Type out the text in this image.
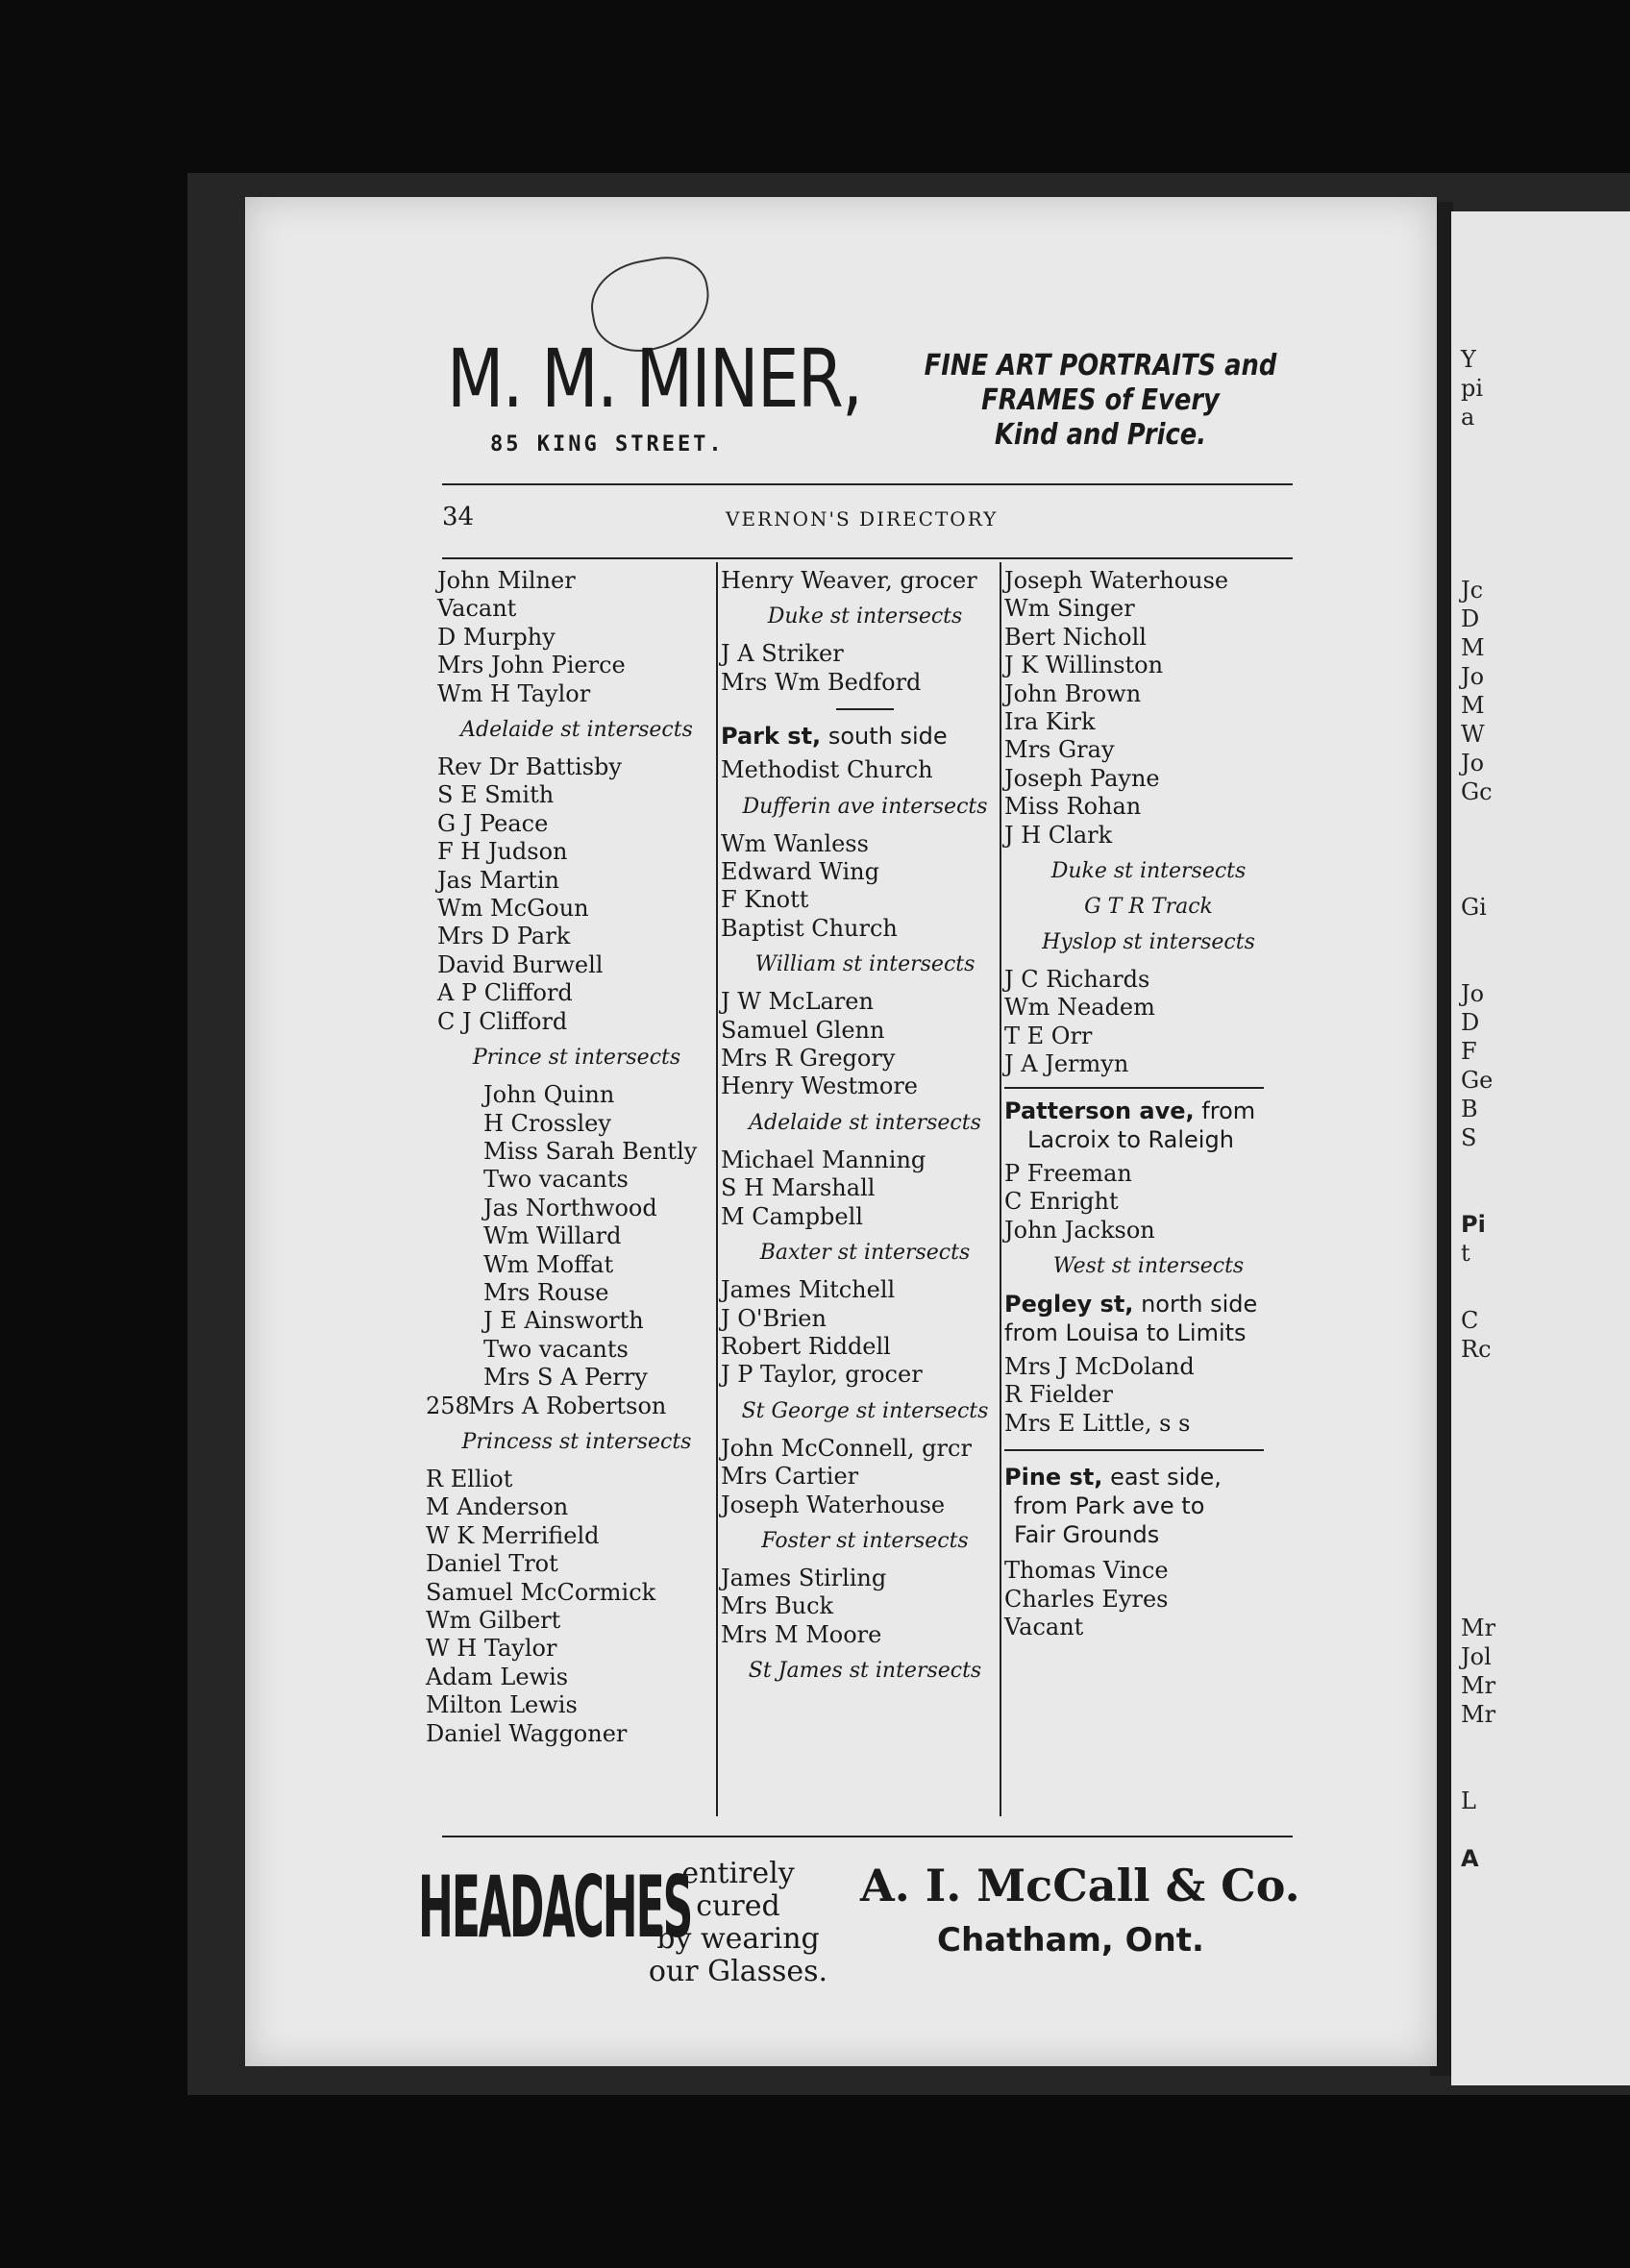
Y
pi
a
Jc
D
M
Jo
M
W
Jo
Gc
Gi
Jo
D
F
Ge
B
S
Pi
t
C
Rc
Mr
Jol
Mr
Mr
L
A
M. M. MINER,
85 KING STREET.
FINE ART PORTRAITS and
FRAMES of Every
Kind and Price.
34	VERNON'S DIRECTORY
John Milner
Vacant
D Murphy
Mrs John Pierce
Wm H Taylor
Adelaide st intersects
Rev Dr Battisby
S E Smith
G J Peace
F H Judson
Jas Martin
Wm McGoun
Mrs D Park
David Burwell
A P Clifford
C J Clifford
Prince st intersects
John Quinn
H Crossley
Miss Sarah Bently
Two vacants
Jas Northwood
Wm Willard
Wm Moffat
Mrs Rouse
J E Ainsworth
Two vacants
Mrs S A Perry
258Mrs A Robertson
Princess st intersects
R Elliot
M Anderson
W K Merrifield
Daniel Trot
Samuel McCormick
Wm Gilbert
W H Taylor
Adam Lewis
Milton Lewis
Daniel Waggoner
Henry Weaver, grocer
Duke st intersects
J A Striker
Mrs Wm Bedford
Park st, south side
Methodist Church
Dufferin ave intersects
Wm Wanless
Edward Wing
F Knott
Baptist Church
William st intersects
J W McLaren
Samuel Glenn
Mrs R Gregory
Henry Westmore
Adelaide st intersects
Michael Manning
S H Marshall
M Campbell
Baxter st intersects
James Mitchell
J O'Brien
Robert Riddell
J P Taylor, grocer
St George st intersects
John McConnell, grcr
Mrs Cartier
Joseph Waterhouse
Foster st intersects
James Stirling
Mrs Buck
Mrs M Moore
St James st intersects
Joseph Waterhouse
Wm Singer
Bert Nicholl
J K Willinston
John Brown
Ira Kirk
Mrs Gray
Joseph Payne
Miss Rohan
J H Clark
Duke st intersects
G T R Track
Hyslop st intersects
J C Richards
Wm Neadem
T E Orr
J A Jermyn
Patterson ave, from
Lacroix to Raleigh
P Freeman
C Enright
John Jackson
West st intersects
Pegley st, north side
from Louisa to Limits
Mrs J McDoland
R Fielder
Mrs E Little, s s
Pine st, east side,
from Park ave to
Fair Grounds
Thomas Vince
Charles Eyres
Vacant
HEADACHES
entirely cured
by wearing
our Glasses.
A. I. McCall & Co.
Chatham, Ont.
